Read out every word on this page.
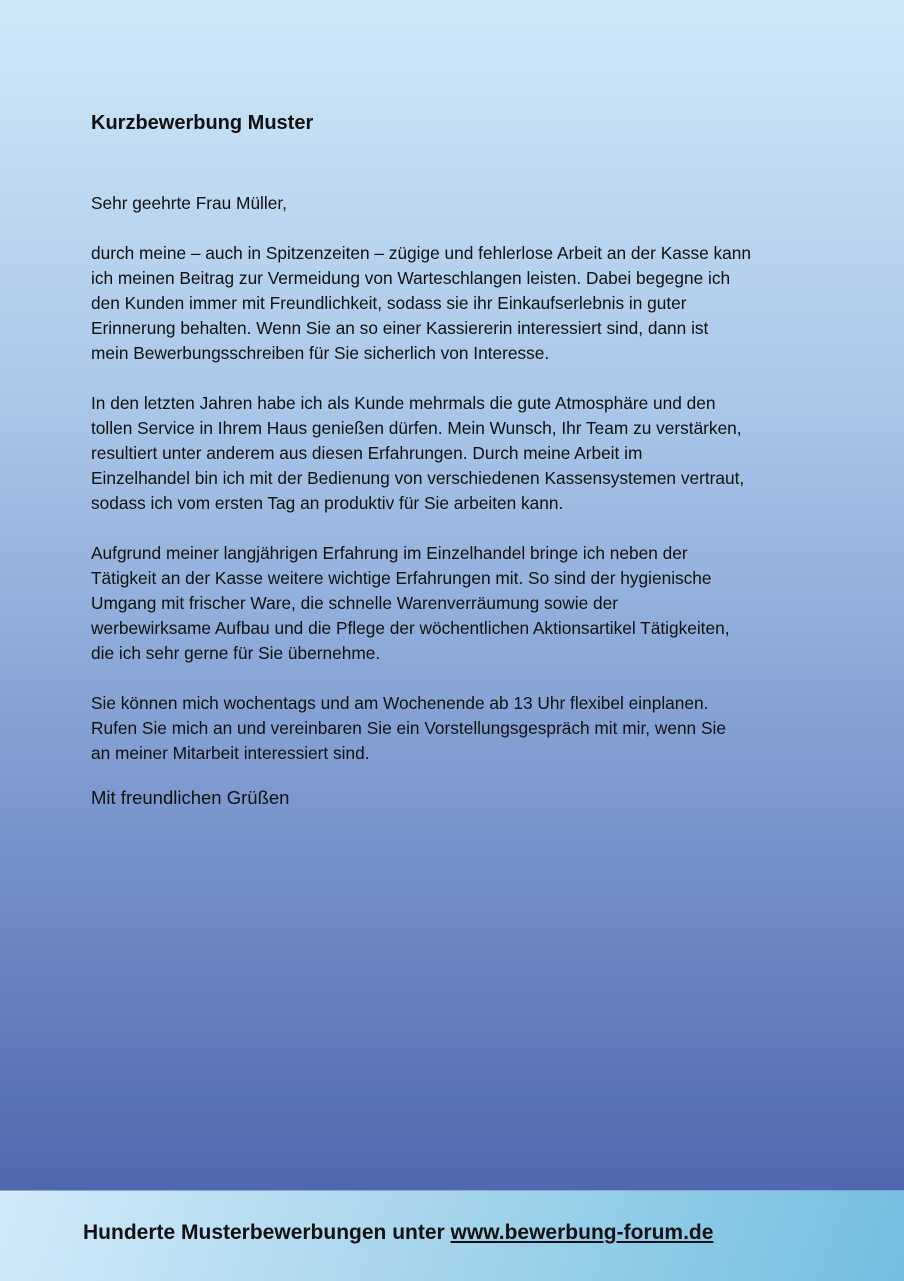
Kurzbewerbung Muster
Sehr geehrte Frau Müller,
durch meine – auch in Spitzenzeiten – zügige und fehlerlose Arbeit an der Kasse kann
ich meinen Beitrag zur Vermeidung von Warteschlangen leisten. Dabei begegne ich
den Kunden immer mit Freundlichkeit, sodass sie ihr Einkaufserlebnis in guter
Erinnerung behalten. Wenn Sie an so einer Kassiererin interessiert sind, dann ist
mein Bewerbungsschreiben für Sie sicherlich von Interesse.
In den letzten Jahren habe ich als Kunde mehrmals die gute Atmosphäre und den
tollen Service in Ihrem Haus genießen dürfen. Mein Wunsch, Ihr Team zu verstärken,
resultiert unter anderem aus diesen Erfahrungen. Durch meine Arbeit im
Einzelhandel bin ich mit der Bedienung von verschiedenen Kassensystemen vertraut,
sodass ich vom ersten Tag an produktiv für Sie arbeiten kann.
Aufgrund meiner langjährigen Erfahrung im Einzelhandel bringe ich neben der
Tätigkeit an der Kasse weitere wichtige Erfahrungen mit. So sind der hygienische
Umgang mit frischer Ware, die schnelle Warenverräumung sowie der
werbewirksame Aufbau und die Pflege der wöchentlichen Aktionsartikel Tätigkeiten,
die ich sehr gerne für Sie übernehme.
Sie können mich wochentags und am Wochenende ab 13 Uhr flexibel einplanen.
Rufen Sie mich an und vereinbaren Sie ein Vorstellungsgespräch mit mir, wenn Sie
an meiner Mitarbeit interessiert sind.
Mit freundlichen Grüßen
Hunderte Musterbewerbungen unter www.bewerbung-forum.de
